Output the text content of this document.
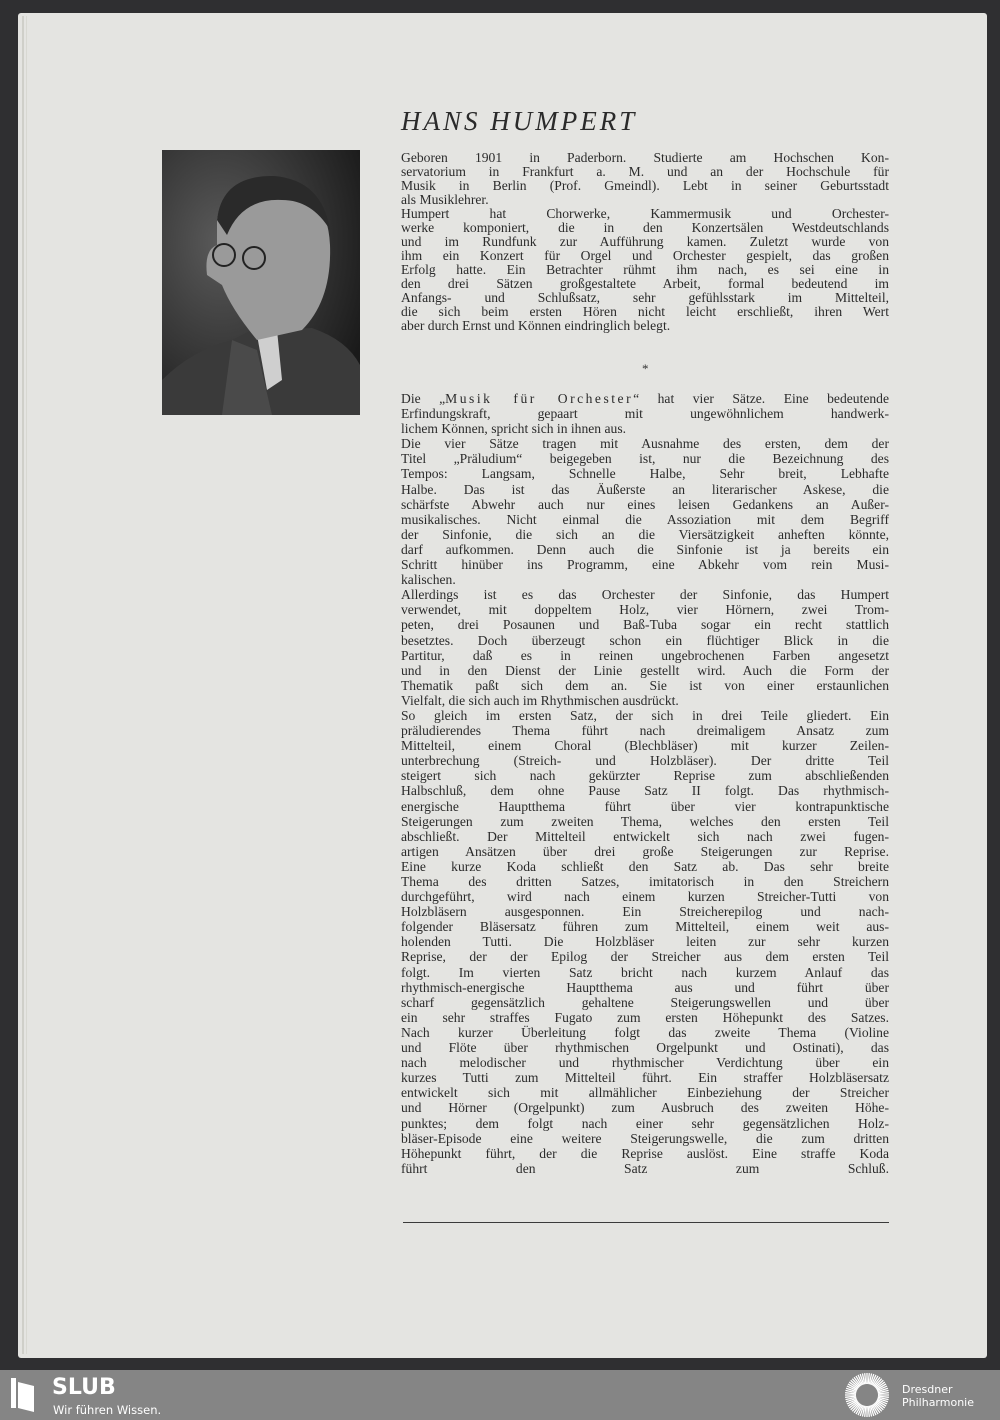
HANS HUMPERT
Geboren 1901 in Paderborn. Studierte am Hochschen Kon-
servatorium in Frankfurt a. M. und an der Hochschule für
Musik in Berlin (Prof. Gmeindl). Lebt in seiner Geburtsstadt
als Musiklehrer.
Humpert hat Chorwerke, Kammermusik und Orchester-
werke komponiert, die in den Konzertsälen Westdeutschlands
und im Rundfunk zur Aufführung kamen. Zuletzt wurde von
ihm ein Konzert für Orgel und Orchester gespielt, das großen
Erfolg hatte. Ein Betrachter rühmt ihm nach, es sei eine in
den drei Sätzen großgestaltete Arbeit, formal bedeutend im
Anfangs- und Schlußsatz, sehr gefühlsstark im Mittelteil,
die sich beim ersten Hören nicht leicht erschließt, ihren Wert
aber durch Ernst und Können eindringlich belegt.
*
Die „Musik für Orchester“ hat vier Sätze. Eine bedeutende
Erfindungskraft, gepaart mit ungewöhnlichem handwerk-
lichem Können, spricht sich in ihnen aus.
Die vier Sätze tragen mit Ausnahme des ersten, dem der
Titel „Präludium“ beigegeben ist, nur die Bezeichnung des
Tempos: Langsam, Schnelle Halbe, Sehr breit, Lebhafte
Halbe. Das ist das Äußerste an literarischer Askese, die
schärfste Abwehr auch nur eines leisen Gedankens an Außer-
musikalisches. Nicht einmal die Assoziation mit dem Begriff
der Sinfonie, die sich an die Viersätzigkeit anheften könnte,
darf aufkommen. Denn auch die Sinfonie ist ja bereits ein
Schritt hinüber ins Programm, eine Abkehr vom rein Musi-
kalischen.
Allerdings ist es das Orchester der Sinfonie, das Humpert
verwendet, mit doppeltem Holz, vier Hörnern, zwei Trom-
peten, drei Posaunen und Baß-Tuba sogar ein recht stattlich
besetztes. Doch überzeugt schon ein flüchtiger Blick in die
Partitur, daß es in reinen ungebrochenen Farben angesetzt
und in den Dienst der Linie gestellt wird. Auch die Form der
Thematik paßt sich dem an. Sie ist von einer erstaunlichen
Vielfalt, die sich auch im Rhythmischen ausdrückt.
So gleich im ersten Satz, der sich in drei Teile gliedert. Ein
präludierendes Thema führt nach dreimaligem Ansatz zum
Mittelteil, einem Choral (Blechbläser) mit kurzer Zeilen-
unterbrechung (Streich- und Holzbläser). Der dritte Teil
steigert sich nach gekürzter Reprise zum abschließenden
Halbschluß, dem ohne Pause Satz II folgt. Das rhythmisch-
energische Hauptthema führt über vier kontrapunktische
Steigerungen zum zweiten Thema, welches den ersten Teil
abschließt. Der Mittelteil entwickelt sich nach zwei fugen-
artigen Ansätzen über drei große Steigerungen zur Reprise.
Eine kurze Koda schließt den Satz ab. Das sehr breite
Thema des dritten Satzes, imitatorisch in den Streichern
durchgeführt, wird nach einem kurzen Streicher-Tutti von
Holzbläsern ausgesponnen. Ein Streicherepilog und nach-
folgender Bläsersatz führen zum Mittelteil, einem weit aus-
holenden Tutti. Die Holzbläser leiten zur sehr kurzen
Reprise, der der Epilog der Streicher aus dem ersten Teil
folgt. Im vierten Satz bricht nach kurzem Anlauf das
rhythmisch-energische Hauptthema aus und führt über
scharf gegensätzlich gehaltene Steigerungswellen und über
ein sehr straffes Fugato zum ersten Höhepunkt des Satzes.
Nach kurzer Überleitung folgt das zweite Thema (Violine
und Flöte über rhythmischen Orgelpunkt und Ostinati), das
nach melodischer und rhythmischer Verdichtung über ein
kurzes Tutti zum Mittelteil führt. Ein straffer Holzbläsersatz
entwickelt sich mit allmählicher Einbeziehung der Streicher
und Hörner (Orgelpunkt) zum Ausbruch des zweiten Höhe-
punktes; dem folgt nach einer sehr gegensätzlichen Holz-
bläser-Episode eine weitere Steigerungswelle, die zum dritten
Höhepunkt führt, der die Reprise auslöst. Eine straffe Koda
führt den Satz zum Schluß.
SLUB
Wir führen Wissen.
Dresdner
Philharmonie
